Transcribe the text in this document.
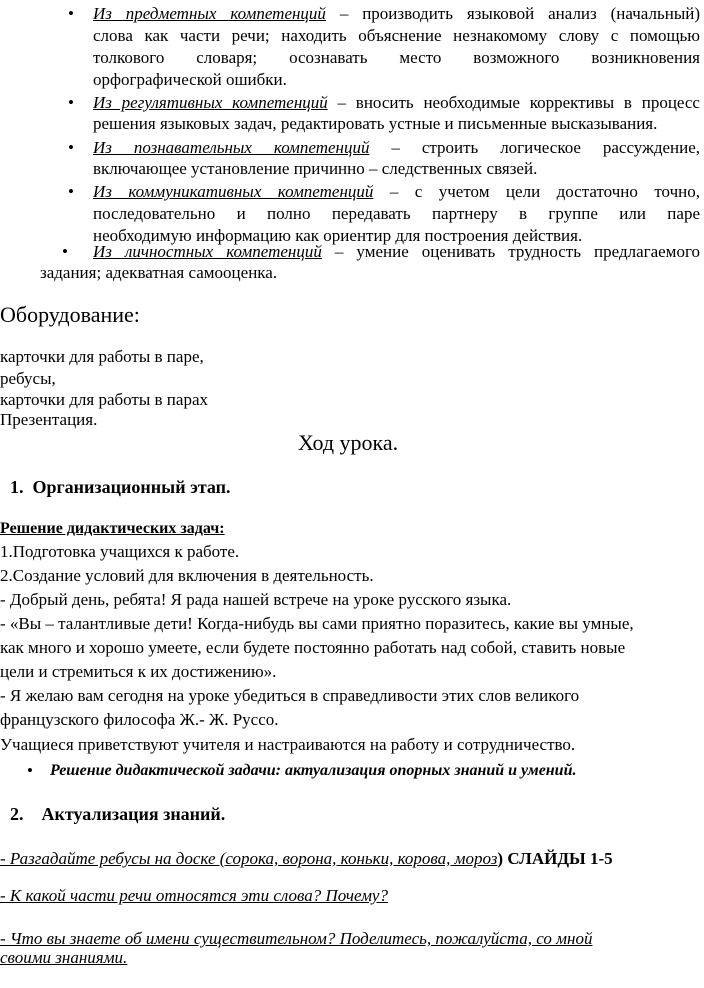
• Из предметных компетенций – производить языковой анализ (начальный)
слова как части речи; находить объяснение незнакомому слову с помощью
толкового словаря; осознавать место возможного возникновения
орфографической ошибки.
• Из регулятивных компетенций – вносить необходимые коррективы в процесс
решения языковых задач, редактировать устные и письменные высказывания.
• Из познавательных компетенций – строить логическое рассуждение,
включающее установление причинно – следственных связей.
• Из коммуникативных компетенций – с учетом цели достаточно точно,
последовательно и полно передавать партнеру в группе или паре
необходимую информацию как ориентир для построения действия.
• Из личностных компетенций – умение оценивать трудность предлагаемого
задания; адекватная самооценка.
Оборудование:
карточки для работы в паре,
ребусы,
карточки для работы в парах
Презентация.
Ход урока.
1. Организационный этап.
Решение дидактических задач:
1.Подготовка учащихся к работе.
2.Создание условий для включения в деятельность.
- Добрый день, ребята! Я рада нашей встрече на уроке русского языка.
- «Вы – талантливые дети! Когда-нибудь вы сами приятно поразитесь, какие вы умные,
как много и хорошо умеете, если будете постоянно работать над собой, ставить новые
цели и стремиться к их достижению».
- Я желаю вам сегодня на уроке убедиться в справедливости этих слов великого
французского философа Ж.- Ж. Руссо.
Учащиеся приветствуют учителя и настраиваются на работу и сотрудничество.
• Решение дидактической задачи: актуализация опорных знаний и умений.
2. Актуализация знаний.
- Разгадайте ребусы на доске (сорока, ворона, коньки, корова, мороз) СЛАЙДЫ 1-5
- К какой части речи относятся эти слова? Почему?
- Что вы знаете об имени существительном? Поделитесь, пожалуйста, со мной
своими знаниями.
